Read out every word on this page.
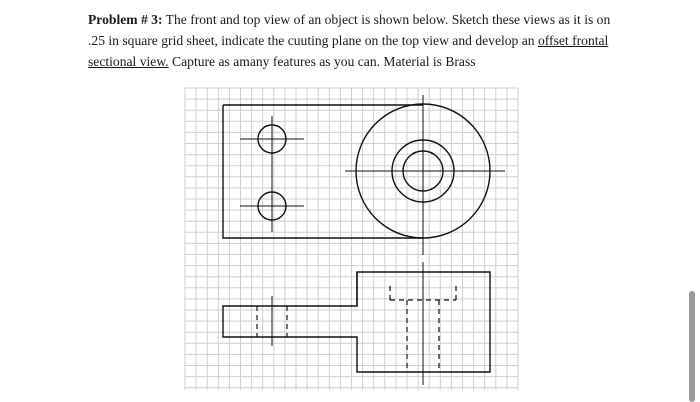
Problem # 3: The front and top view of an object is shown below. Sketch these views as it is on .25 in square grid sheet, indicate the cuuting plane on the top view and develop an offset frontal sectional view. Capture as amany features as you can. Material is Brass
